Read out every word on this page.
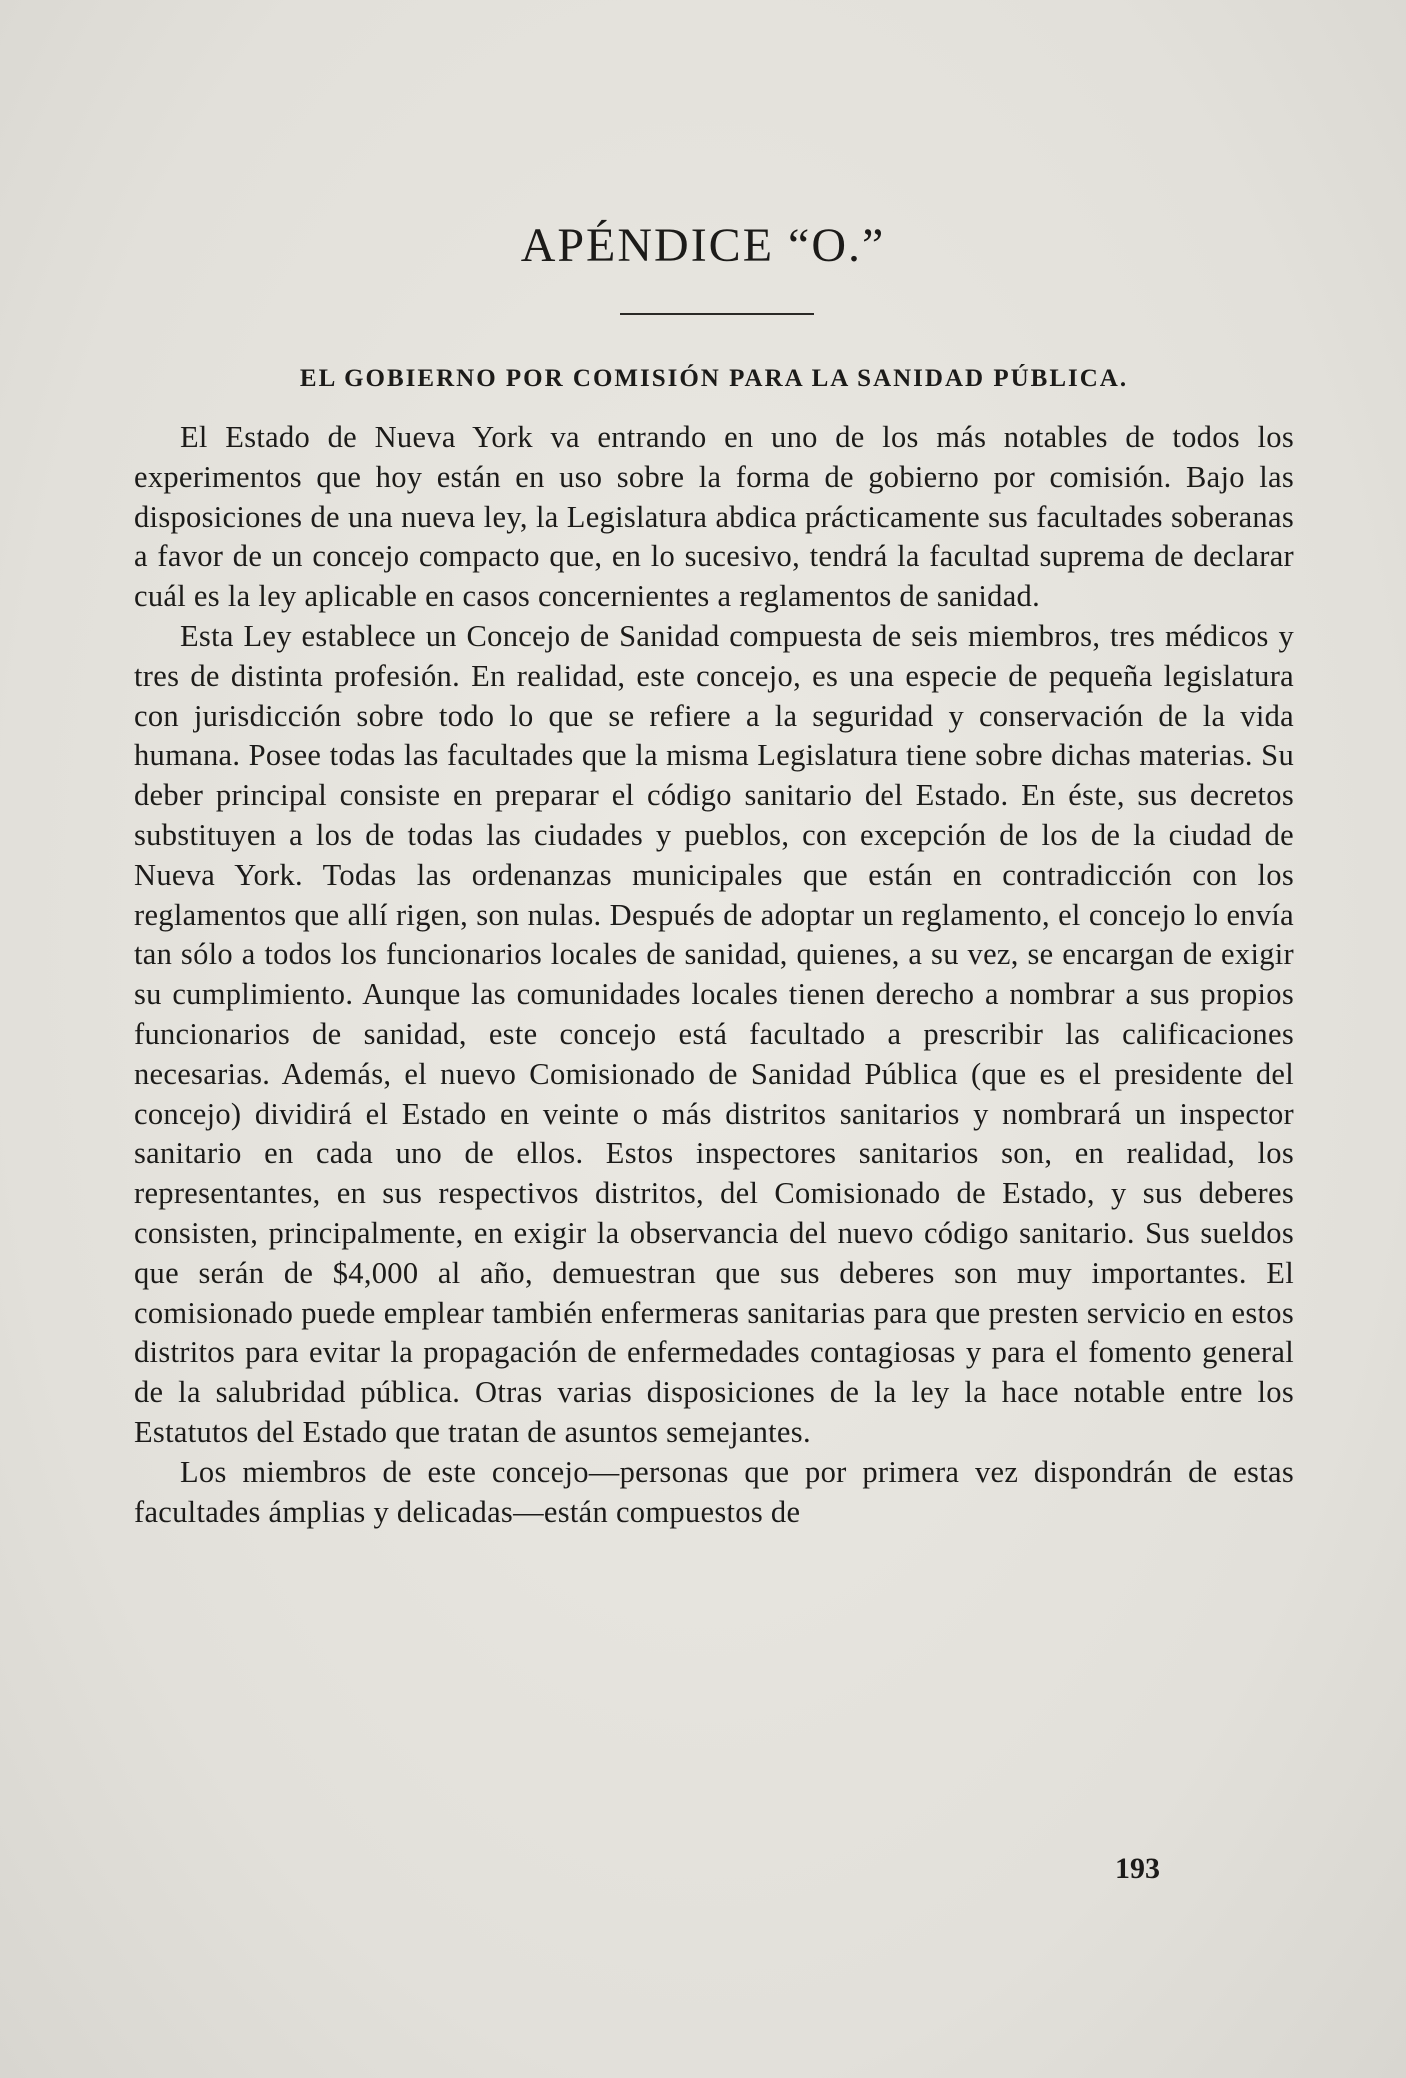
APÉNDICE “O.”
EL GOBIERNO POR COMISIÓN PARA LA SANIDAD PÚBLICA.

El Estado de Nueva York va entrando en uno de los más notables de todos los experimentos que hoy están en uso sobre la forma de gobierno por comisión. Bajo las disposiciones de una nueva ley, la Legislatura abdica prácticamente sus facultades soberanas a favor de un concejo compacto que, en lo sucesivo, tendrá la facultad suprema de declarar cuál es la ley aplicable en casos concernientes a reglamentos de sanidad.

Esta Ley establece un Concejo de Sanidad compuesta de seis miembros, tres médicos y tres de distinta profesión. En realidad, este concejo, es una especie de pequeña legislatura con jurisdicción sobre todo lo que se refiere a la seguridad y conservación de la vida humana. Posee todas las facultades que la misma Legislatura tiene sobre dichas materias. Su deber principal consiste en preparar el código sanitario del Estado. En éste, sus decretos substituyen a los de todas las ciudades y pueblos, con excepción de los de la ciudad de Nueva York. Todas las ordenanzas municipales que están en contradicción con los reglamentos que allí rigen, son nulas. Después de adoptar un reglamento, el concejo lo envía tan sólo a todos los funcionarios locales de sanidad, quienes, a su vez, se encargan de exigir su cumplimiento. Aunque las comunidades locales tienen derecho a nombrar a sus propios funcionarios de sanidad, este concejo está facultado a prescribir las calificaciones necesarias. Además, el nuevo Comisionado de Sanidad Pública (que es el presidente del concejo) dividirá el Estado en veinte o más distritos sanitarios y nombrará un inspector sanitario en cada uno de ellos. Estos inspectores sanitarios son, en realidad, los representantes, en sus respectivos distritos, del Comisionado de Estado, y sus deberes consisten, principalmente, en exigir la observancia del nuevo código sanitario. Sus sueldos que serán de $4,000 al año, demuestran que sus deberes son muy importantes. El comisionado puede emplear también enfermeras sanitarias para que presten servicio en estos distritos para evitar la propagación de enfermedades contagiosas y para el fomento general de la salubridad pública. Otras varias disposiciones de la ley la hace notable entre los Estatutos del Estado que tratan de asuntos semejantes.

Los miembros de este concejo—personas que por primera vez dispondrán de estas facultades ámplias y delicadas—están compuestos de

193
